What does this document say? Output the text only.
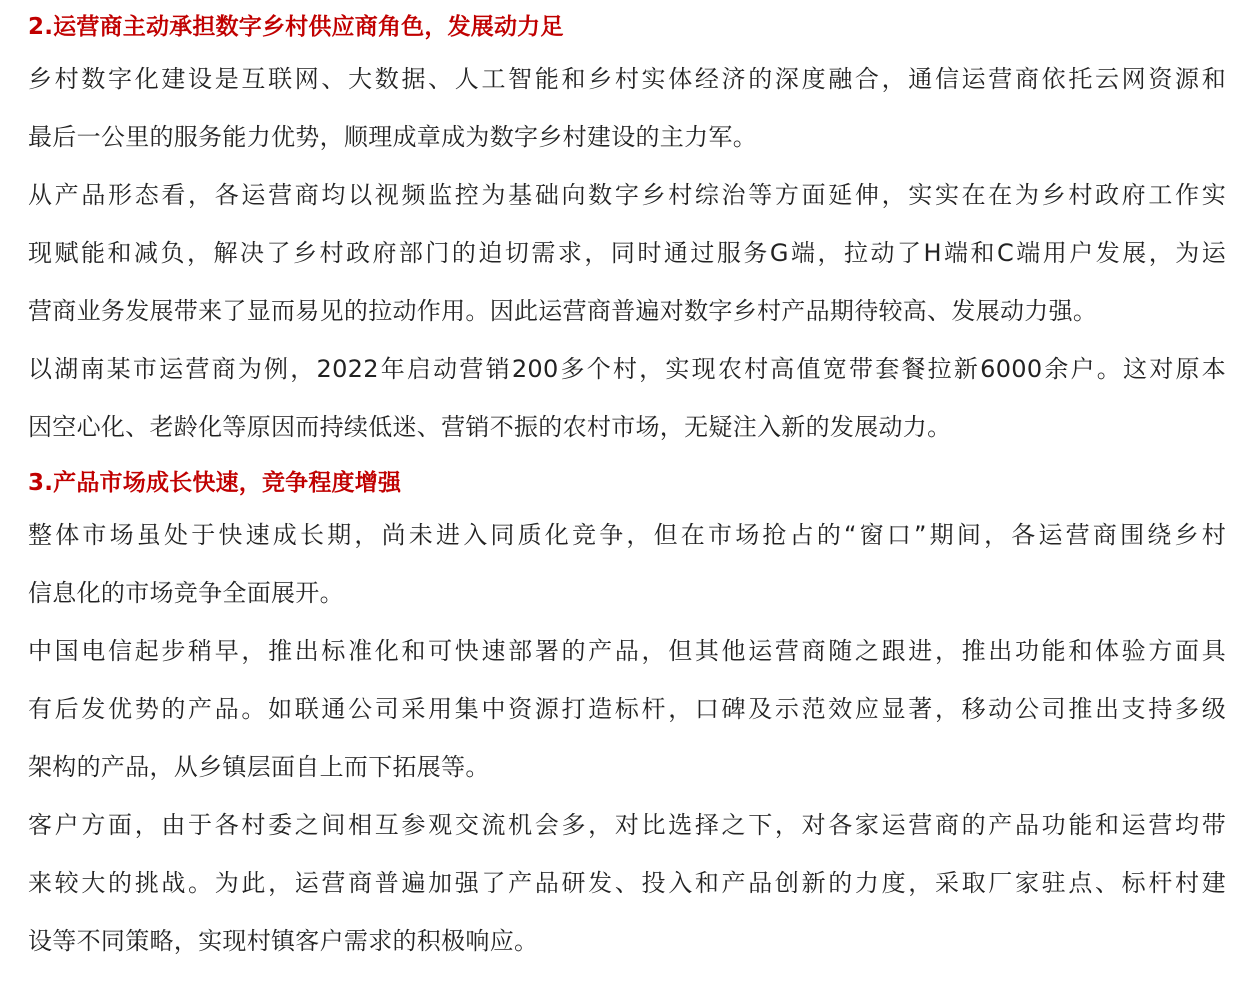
2.运营商主动承担数字乡村供应商角色，发展动力足

乡村数字化建设是互联网、大数据、人工智能和乡村实体经济的深度融合，通信运营商依托云网资源和
最后一公里的服务能力优势，顺理成章成为数字乡村建设的主力军。

从产品形态看，各运营商均以视频监控为基础向数字乡村综治等方面延伸，实实在在为乡村政府工作实
现赋能和减负，解决了乡村政府部门的迫切需求，同时通过服务G端，拉动了H端和C端用户发展，为运
营商业务发展带来了显而易见的拉动作用。因此运营商普遍对数字乡村产品期待较高、发展动力强。

以湖南某市运营商为例，2022年启动营销200多个村，实现农村高值宽带套餐拉新6000余户。这对原本
因空心化、老龄化等原因而持续低迷、营销不振的农村市场，无疑注入新的发展动力。

3.产品市场成长快速，竞争程度增强

整体市场虽处于快速成长期，尚未进入同质化竞争，但在市场抢占的“窗口”期间，各运营商围绕乡村
信息化的市场竞争全面展开。

中国电信起步稍早，推出标准化和可快速部署的产品，但其他运营商随之跟进，推出功能和体验方面具
有后发优势的产品。如联通公司采用集中资源打造标杆，口碑及示范效应显著，移动公司推出支持多级
架构的产品，从乡镇层面自上而下拓展等。

客户方面，由于各村委之间相互参观交流机会多，对比选择之下，对各家运营商的产品功能和运营均带
来较大的挑战。为此，运营商普遍加强了产品研发、投入和产品创新的力度，采取厂家驻点、标杆村建
设等不同策略，实现村镇客户需求的积极响应。
